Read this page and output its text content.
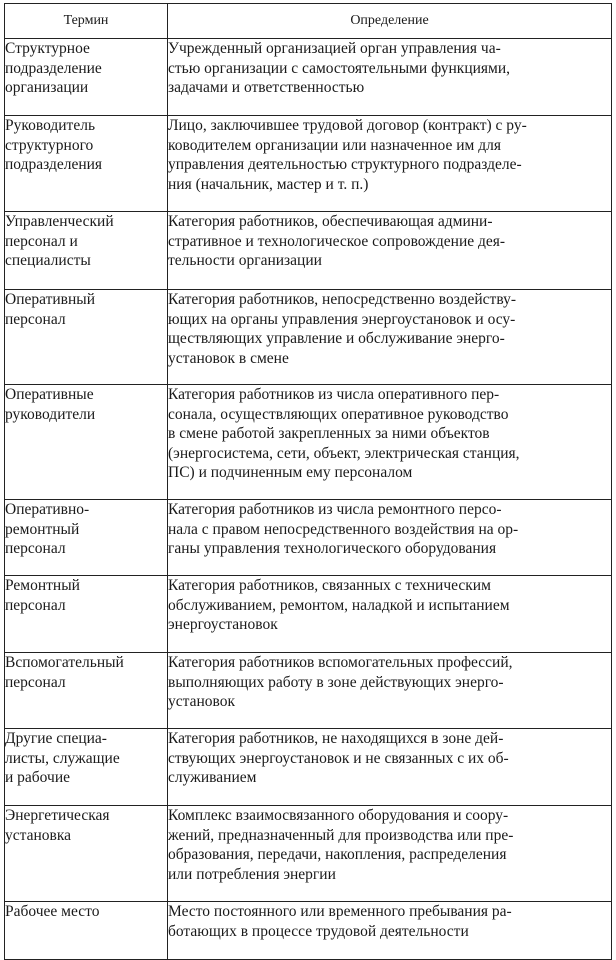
Термин	Определение

Структурное
подразделение
организации	Учрежденный организацией орган управления ча-
стью организации с самостоятельными функциями,
задачами и ответственностью

Руководитель
структурного
подразделения	Лицо, заключившее трудовой договор (контракт) с ру-
ководителем организации или назначенное им для
управления деятельностью структурного подразделе-
ния (начальник, мастер и т. п.)

Управленческий
персонал и
специалисты	Категория работников, обеспечивающая админи-
стративное и технологическое сопровождение дея-
тельности организации

Оперативный
персонал	Категория работников, непосредственно воздейству-
ющих на органы управления энергоустановок и осу-
ществляющих управление и обслуживание энерго-
установок в смене

Оперативные
руководители	Категория работников из числа оперативного пер-
сонала, осуществляющих оперативное руководство
в смене работой закрепленных за ними объектов
(энергосистема, сети, объект, электрическая станция,
ПС) и подчиненным ему персоналом

Оперативно-
ремонтный
персонал	Категория работников из числа ремонтного персо-
нала с правом непосредственного воздействия на ор-
ганы управления технологического оборудования

Ремонтный
персонал	Категория работников, связанных с техническим
обслуживанием, ремонтом, наладкой и испытанием
энергоустановок

Вспомогательный
персонал	Категория работников вспомогательных профессий,
выполняющих работу в зоне действующих энерго-
установок

Другие специа-
листы, служащие
и рабочие	Категория работников, не находящихся в зоне дей-
ствующих энергоустановок и не связанных с их об-
служиванием

Энергетическая
установка	Комплекс взаимосвязанного оборудования и соору-
жений, предназначенный для производства или пре-
образования, передачи, накопления, распределения
или потребления энергии

Рабочее место	Место постоянного или временного пребывания ра-
ботающих в процессе трудовой деятельности
